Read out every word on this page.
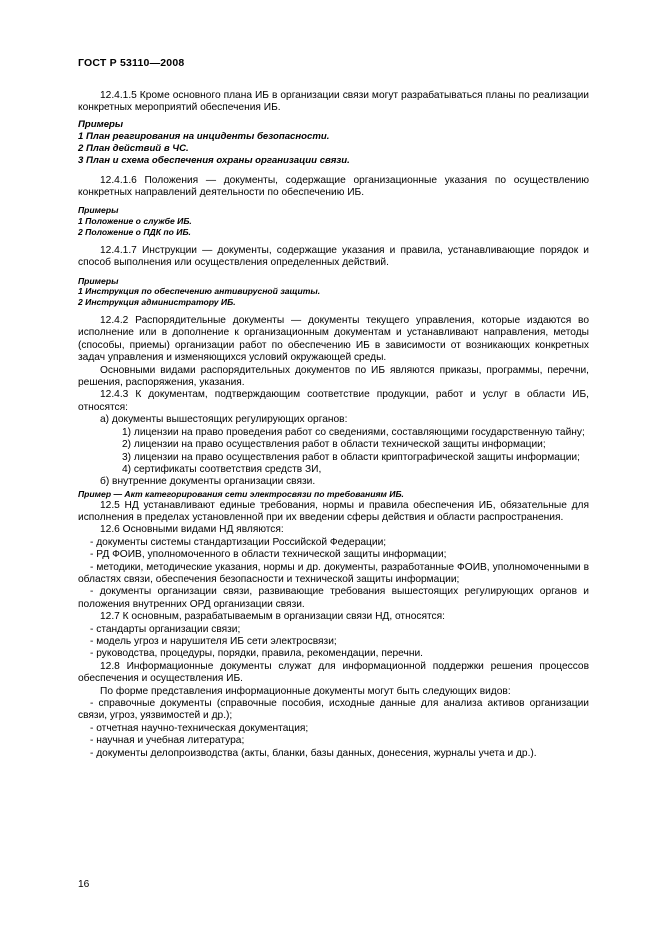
ГОСТ Р 53110—2008

12.4.1.5 Кроме основного плана ИБ в организации связи могут разрабатываться планы по реализации конкретных мероприятий обеспечения ИБ.

Примеры

1 План реагирования на инциденты безопасности.

2 План действий в ЧС.

3 План и схема обеспечения охраны организации связи.

12.4.1.6 Положения — документы, содержащие организационные указания по осуществлению конкретных направлений деятельности по обеспечению ИБ.

Примеры

1 Положение о службе ИБ.

2 Положение о ПДК по ИБ.

12.4.1.7 Инструкции — документы, содержащие указания и правила, устанавливающие порядок и способ выполнения или осуществления определенных действий.

Примеры

1 Инструкция по обеспечению антивирусной защиты.

2 Инструкция администратору ИБ.

12.4.2 Распорядительные документы — документы текущего управления, которые издаются во исполнение или в дополнение к организационным документам и устанавливают направления, методы (способы, приемы) организации работ по обеспечению ИБ в зависимости от возникающих конкретных задач управления и изменяющихся условий окружающей среды.

Основными видами распорядительных документов по ИБ являются приказы, программы, перечни, решения, распоряжения, указания.

12.4.3 К документам, подтверждающим соответствие продукции, работ и услуг в области ИБ, относятся:

а) документы вышестоящих регулирующих органов:

1) лицензии на право проведения работ со сведениями, составляющими государственную тайну;

2) лицензии на право осуществления работ в области технической защиты информации;

3) лицензии на право осуществления работ в области криптографической защиты информации;

4) сертификаты соответствия средств ЗИ,

б) внутренние документы организации связи.

Пример — Акт категорирования сети электросвязи по требованиям ИБ.

12.5 НД устанавливают единые требования, нормы и правила обеспечения ИБ, обязательные для исполнения в пределах установленной при их введении сферы действия и области распространения.

12.6 Основными видами НД являются:

- документы системы стандартизации Российской Федерации;

- РД ФОИВ, уполномоченного в области технической защиты информации;

- методики, методические указания, нормы и др. документы, разработанные ФОИВ, уполномоченными в областях связи, обеспечения безопасности и технической защиты информации;

- документы организации связи, развивающие требования вышестоящих регулирующих органов и положения внутренних ОРД организации связи.

12.7 К основным, разрабатываемым в организации связи НД, относятся:

- стандарты организации связи;

- модель угроз и нарушителя ИБ сети электросвязи;

- руководства, процедуры, порядки, правила, рекомендации, перечни.

12.8 Информационные документы служат для информационной поддержки решения процессов обеспечения и осуществления ИБ.

По форме представления информационные документы могут быть следующих видов:

- справочные документы (справочные пособия, исходные данные для анализа активов организации связи, угроз, уязвимостей и др.);

- отчетная научно-техническая документация;

- научная и учебная литература;

- документы делопроизводства (акты, бланки, базы данных, донесения, журналы учета и др.).

16
